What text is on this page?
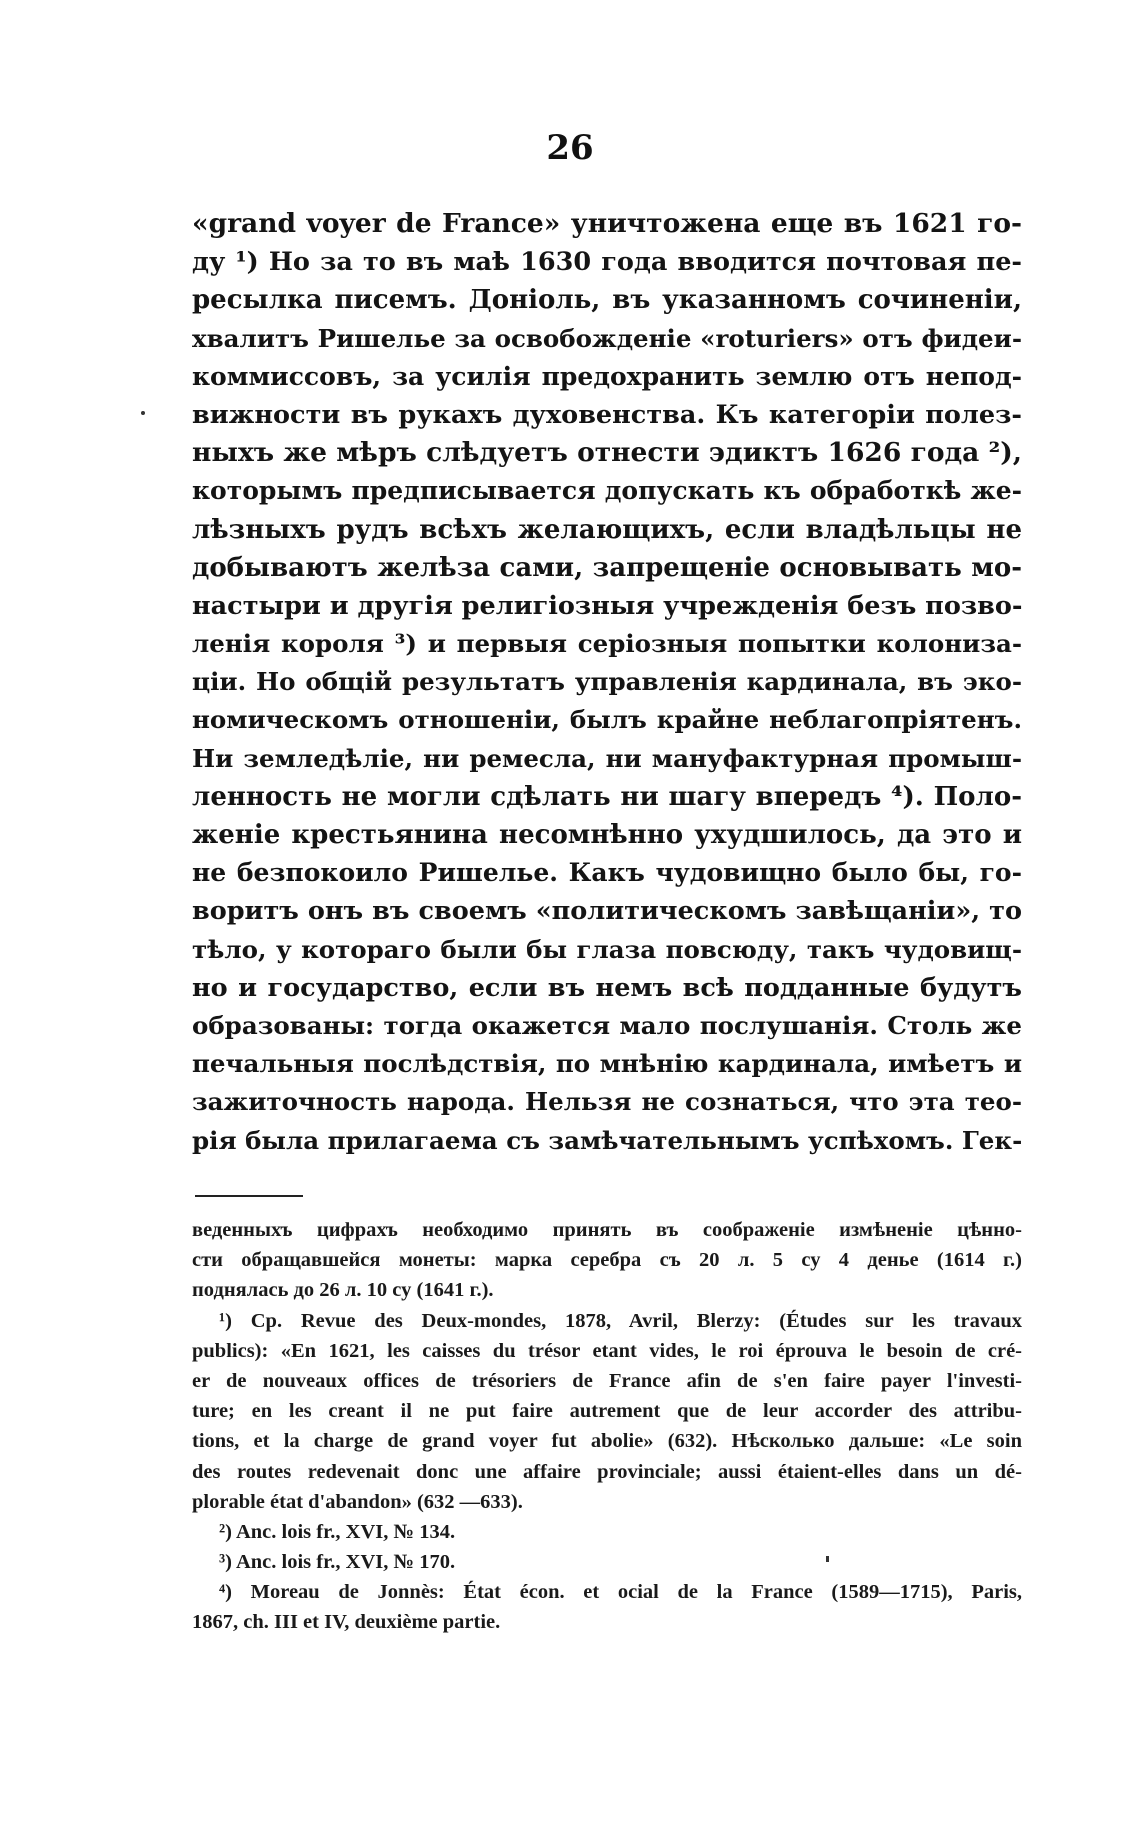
26
«grand voyer de France» уничтожена еще въ 1621 го-
ду ¹) Но за то въ маѣ 1630 года вводится почтовая пе-
ресылка писемъ. Доніоль, въ указанномъ сочиненіи,
хвалитъ Ришелье за освобожденіе «roturiers» отъ фидеи-
коммиссовъ, за усилія предохранить землю отъ непод-
вижности въ рукахъ духовенства. Къ категоріи полез-
ныхъ же мѣръ слѣдуетъ отнести эдиктъ 1626 года ²),
которымъ предписывается допускать къ обработкѣ же-
лѣзныхъ рудъ всѣхъ желающихъ, если владѣльцы не
добываютъ желѣза сами, запрещеніе основывать мо-
настыри и другія религіозныя учрежденія безъ позво-
ленія короля ³) и первыя серіозныя попытки колониза-
ціи. Но общій результатъ управленія кардинала, въ эко-
номическомъ отношеніи, былъ крайне неблагопріятенъ.
Ни земледѣліе, ни ремесла, ни мануфактурная промыш-
ленность не могли сдѣлать ни шагу впередъ ⁴). Поло-
женіе крестьянина несомнѣнно ухудшилось, да это и
не безпокоило Ришелье. Какъ чудовищно было бы, го-
воритъ онъ въ своемъ «политическомъ завѣщаніи», то
тѣло, у котораго были бы глаза повсюду, такъ чудовищ-
но и государство, если въ немъ всѣ подданные будутъ
образованы: тогда окажется мало послушанія. Столь же
печальныя послѣдствія, по мнѣнію кардинала, имѣетъ и
зажиточность народа. Нельзя не сознаться, что эта тео-
рія была прилагаема съ замѣчательнымъ успѣхомъ. Гек-
веденныхъ цифрахъ необходимо принять въ соображеніе измѣненіе цѣнно-
сти обращавшейся монеты: марка серебра съ 20 л. 5 су 4 денье (1614 г.)
поднялась до 26 л. 10 су (1641 г.).
¹) Ср. Revue des Deux-mondes, 1878, Avril, Blerzy: (Études sur les travaux
publics): «En 1621, les caisses du trésor etant vides, le roi éprouva le besoin de cré-
er de nouveaux offices de trésoriers de France afin de s'en faire payer l'investi-
ture; en les creant il ne put faire autrement que de leur accorder des attribu-
tions, et la charge de grand voyer fut abolie» (632). Нѣсколько дальше: «Le soin
des routes redevenait donc une affaire provinciale; aussi étaient-elles dans un dé-
plorable état d'abandon» (632 —633).
²) Anc. lois fr., XVI, № 134.
³) Anc. lois fr., XVI, № 170.
⁴) Moreau de Jonnès: État écon. et ocial de la France (1589—1715), Paris,
1867, ch. III et IV, deuxième partie.
